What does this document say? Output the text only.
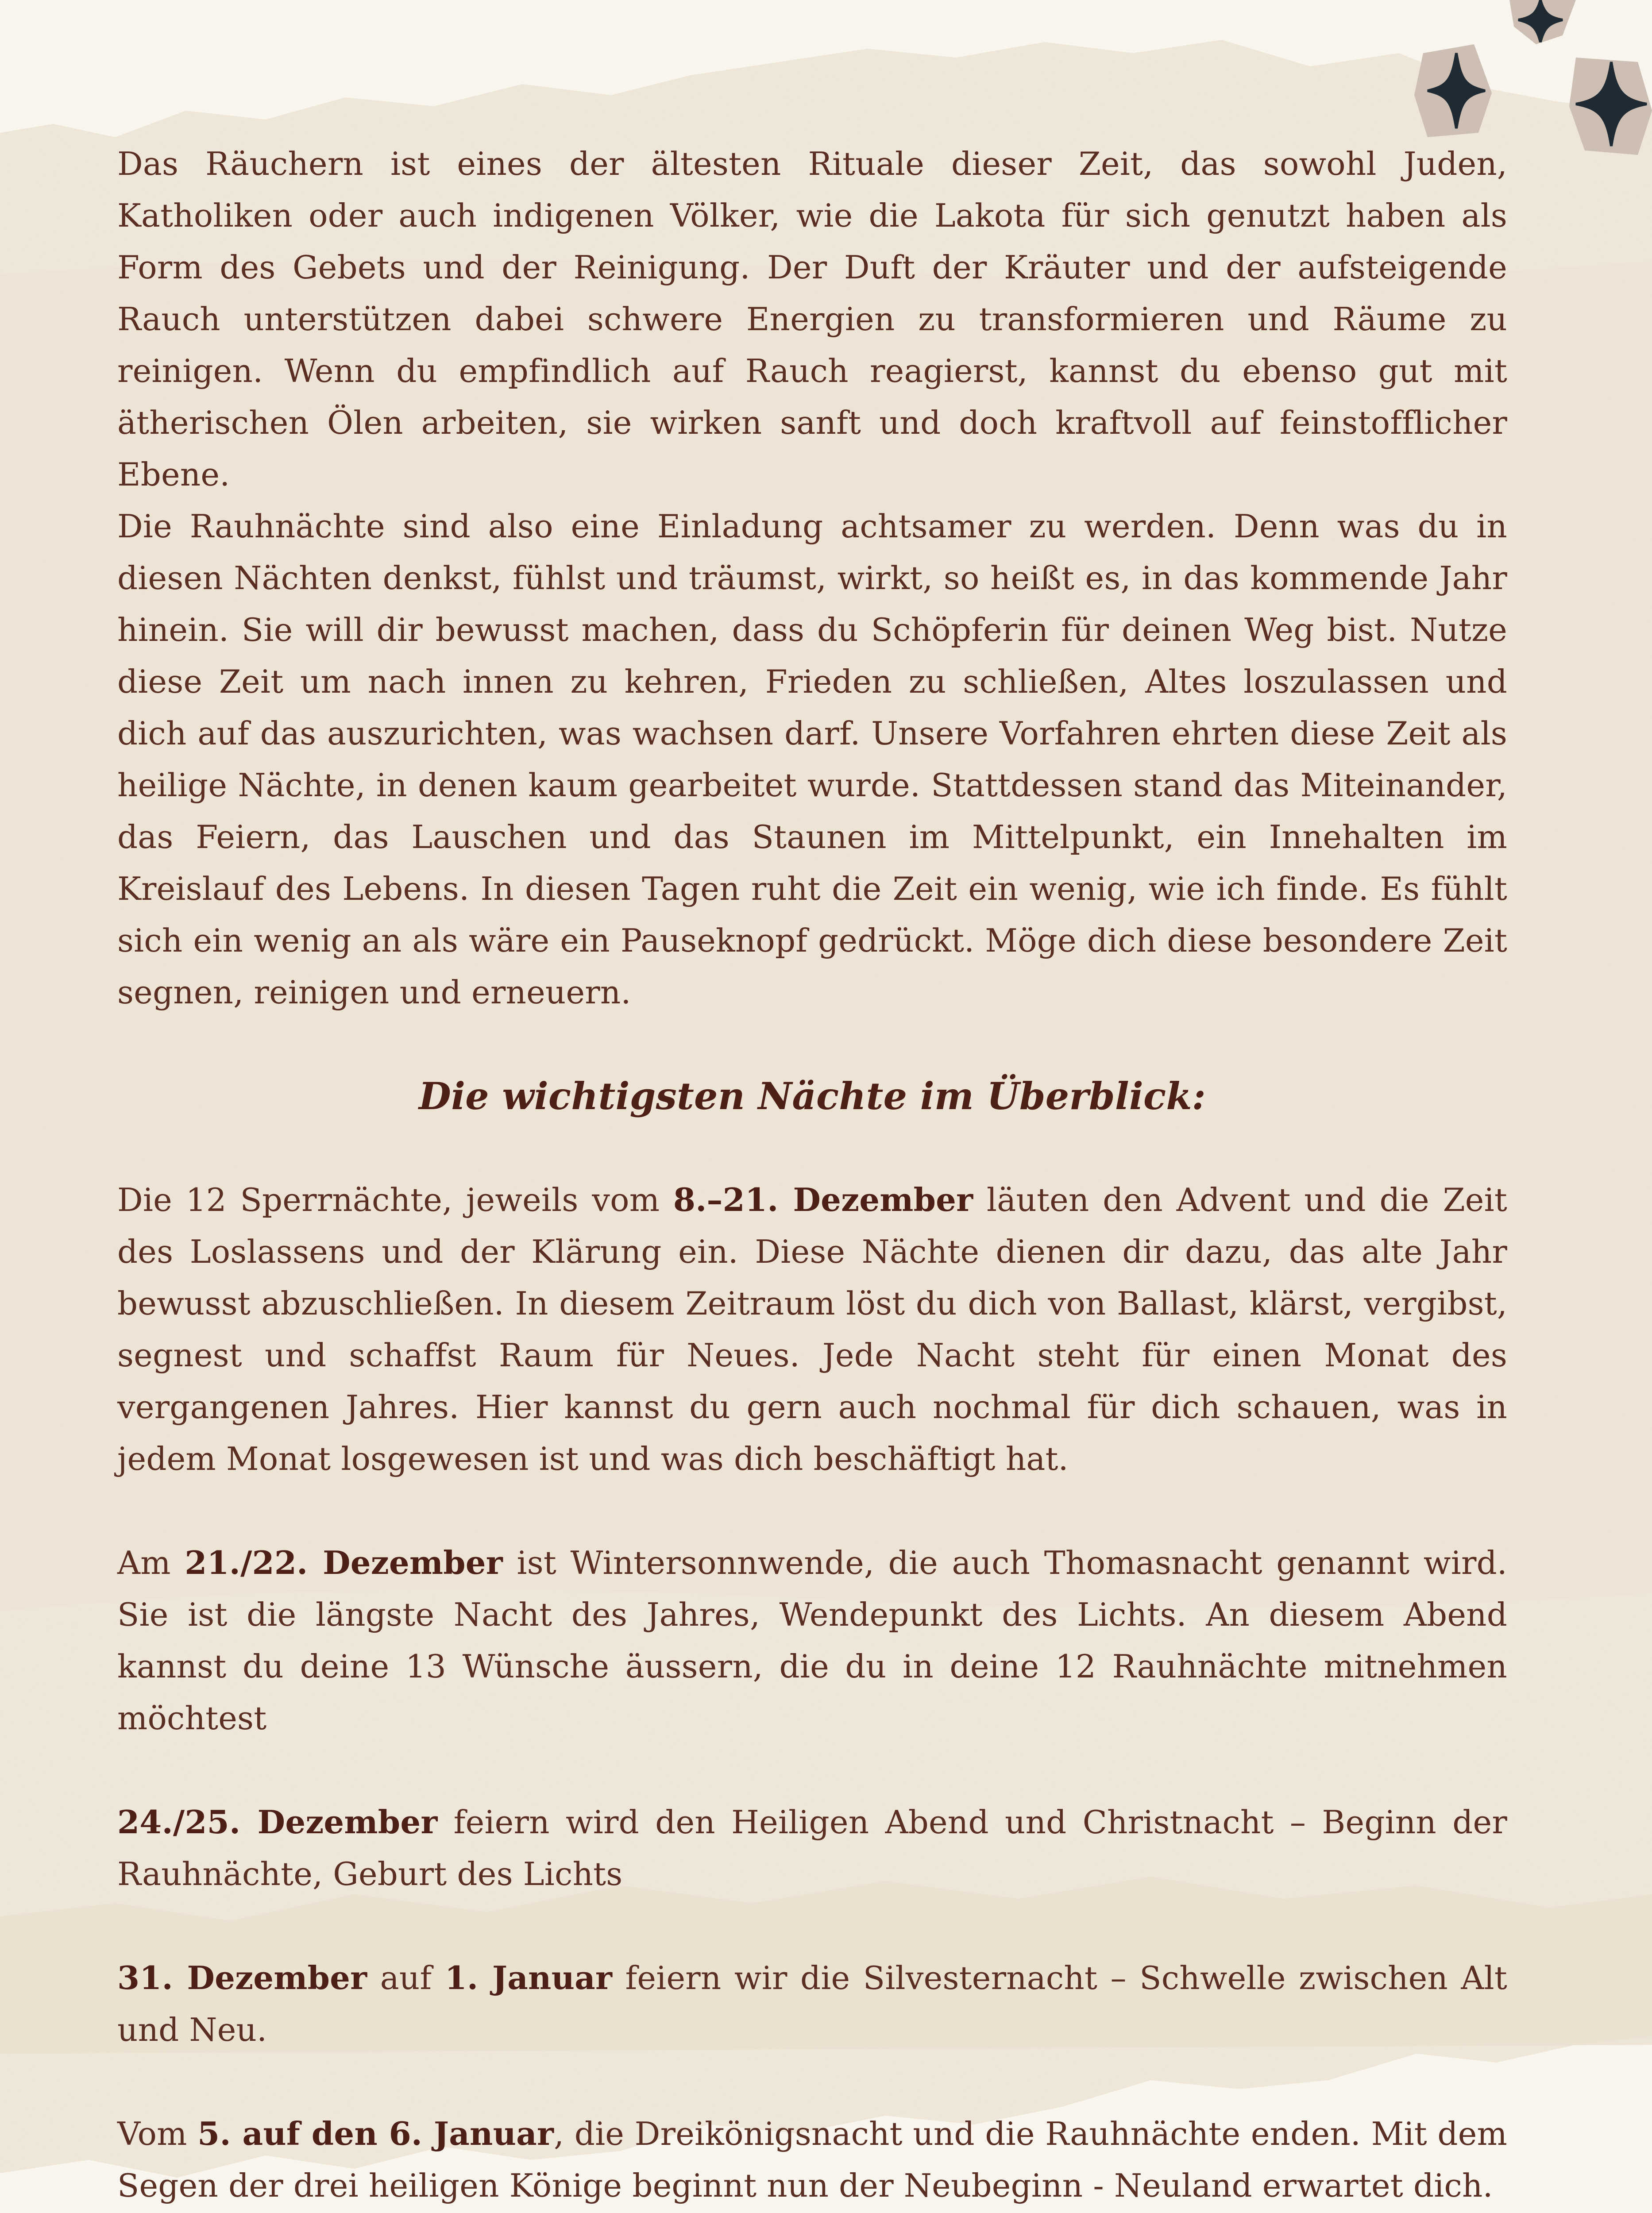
Das Räuchern ist eines der ältesten Rituale dieser Zeit, das sowohl Juden, Katholiken oder auch indigenen Völker, wie die Lakota für sich genutzt haben als Form des Gebets und der Reinigung. Der Duft der Kräuter und der aufsteigende Rauch unterstützen dabei schwere Energien zu transformieren und Räume zu reinigen. Wenn du empfindlich auf Rauch reagierst, kannst du ebenso gut mit ätherischen Ölen arbeiten, sie wirken sanft und doch kraftvoll auf feinstofflicher Ebene.

Die Rauhnächte sind also eine Einladung achtsamer zu werden. Denn was du in diesen Nächten denkst, fühlst und träumst, wirkt, so heißt es, in das kommende Jahr hinein. Sie will dir bewusst machen, dass du Schöpferin für deinen Weg bist. Nutze diese Zeit um nach innen zu kehren, Frieden zu schließen, Altes loszulassen und dich auf das auszurichten, was wachsen darf. Unsere Vorfahren ehrten diese Zeit als heilige Nächte, in denen kaum gearbeitet wurde. Stattdessen stand das Miteinander, das Feiern, das Lauschen und das Staunen im Mittelpunkt, ein Innehalten im Kreislauf des Lebens. In diesen Tagen ruht die Zeit ein wenig, wie ich finde. Es fühlt sich ein wenig an als wäre ein Pauseknopf gedrückt. Möge dich diese besondere Zeit segnen, reinigen und erneuern.

Die wichtigsten Nächte im Überblick:

Die 12 Sperrnächte, jeweils vom 8.–21. Dezember läuten den Advent und die Zeit des Loslassens und der Klärung ein. Diese Nächte dienen dir dazu, das alte Jahr bewusst abzuschließen. In diesem Zeitraum löst du dich von Ballast, klärst, vergibst, segnest und schaffst Raum für Neues. Jede Nacht steht für einen Monat des vergangenen Jahres. Hier kannst du gern auch nochmal für dich schauen, was in jedem Monat losgewesen ist und was dich beschäftigt hat.

Am 21./22. Dezember ist Wintersonnwende, die auch Thomasnacht genannt wird. Sie ist die längste Nacht des Jahres, Wendepunkt des Lichts. An diesem Abend kannst du deine 13 Wünsche äussern, die du in deine 12 Rauhnächte mitnehmen möchtest

24./25. Dezember feiern wird den Heiligen Abend und Christnacht – Beginn der Rauhnächte, Geburt des Lichts

31. Dezember auf 1. Januar feiern wir die Silvesternacht – Schwelle zwischen Alt und Neu.

Vom 5. auf den 6. Januar, die Dreikönigsnacht und die Rauhnächte enden. Mit dem Segen der drei heiligen Könige beginnt nun der Neubeginn - Neuland erwartet dich.
